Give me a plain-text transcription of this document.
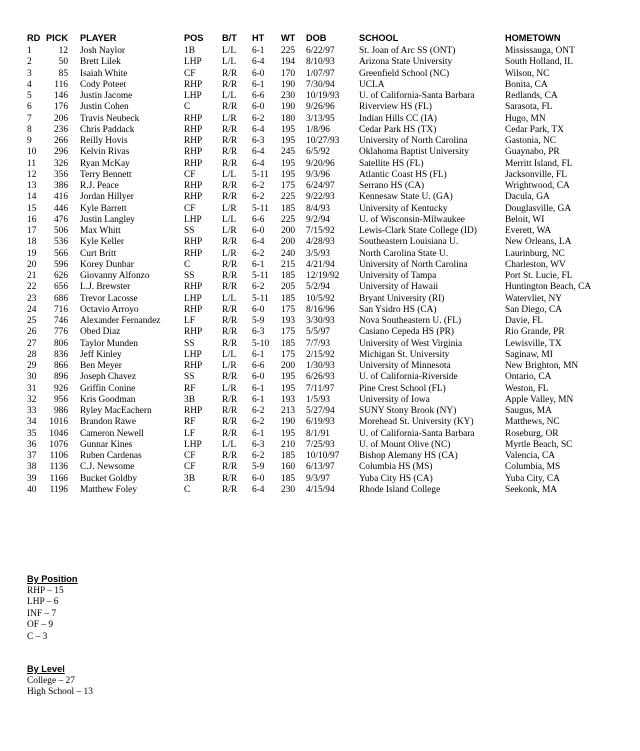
RD	PICK		PLAYER	POS	B/T	HT	WT	DOB	SCHOOL	HOMETOWN
1	12		Josh Naylor	1B	L/L	6-1	225	6/22/97	St. Joan of Arc SS (ONT)	Mississauga, ONT
2	50		Brett Lilek	LHP	L/L	6-4	194	8/10/93	Arizona State University	South Holland, IL
3	85		Isaiah White	CF	R/R	6-0	170	1/07/97	Greenfield School (NC)	Wilson, NC
4	116		Cody Poteet	RHP	R/R	6-1	190	7/30/94	UCLA	Bonita, CA
5	146		Justin Jacome	LHP	L/L	6-6	230	10/19/93	U. of California-Santa Barbara	Redlands, CA
6	176		Justin Cohen	C	R/R	6-0	190	9/26/96	Riverview HS (FL)	Sarasota, FL
7	206		Travis Neubeck	RHP	L/R	6-2	180	3/13/95	Indian Hills CC (IA)	Hugo, MN
8	236		Chris Paddack	RHP	R/R	6-4	195	1/8/96	Cedar Park HS (TX)	Cedar Park, TX
9	266		Reilly Hovis	RHP	R/R	6-3	195	10/27/93	University of North Carolina	Gastonia, NC
10	296		Kelvin Rivas	RHP	R/R	6-4	245	6/5/92	Oklahoma Baptist University	Guaynabo, PR
11	326		Ryan McKay	RHP	R/R	6-4	195	9/20/96	Satellite HS (FL)	Merritt Island, FL
12	356		Terry Bennett	CF	L/L	5-11	195	9/3/96	Atlantic Coast HS (FL)	Jacksonville, FL
13	386		R.J. Peace	RHP	R/R	6-2	175	6/24/97	Serrano HS (CA)	Wrightwood, CA
14	416		Jordan Hillyer	RHP	R/R	6-2	225	9/22/93	Kennesaw State U. (GA)	Dacula, GA
15	446		Kyle Barrett	CF	L/R	5-11	185	8/4/93	University of Kentucky	Douglasville, GA
16	476		Justin Langley	LHP	L/L	6-6	225	9/2/94	U. of Wisconsin-Milwaukee	Beloit, WI
17	506		Max Whitt	SS	L/R	6-0	200	7/15/92	Lewis-Clark State College (ID)	Everett, WA
18	536		Kyle Keller	RHP	R/R	6-4	200	4/28/93	Southeastern Louisiana U.	New Orleans, LA
19	566		Curt Britt	RHP	L/R	6-2	240	3/5/93	North Carolina State U.	Laurinburg, NC
20	596		Korey Dunbar	C	R/R	6-1	215	4/21/94	University of North Carolina	Charleston, WV
21	626		Giovanny Alfonzo	SS	R/R	5-11	185	12/19/92	University of Tampa	Port St. Lucie, FL
22	656		L.J. Brewster	RHP	R/R	6-2	205	5/2/94	University of Hawaii	Huntington Beach, CA
23	686		Trevor Lacosse	LHP	L/L	5-11	185	10/5/92	Bryant University (RI)	Watervliet, NY
24	716		Octavio Arroyo	RHP	R/R	6-0	175	8/16/96	San Ysidro HS (CA)	San Diego, CA
25	746		Alexander Fernandez	LF	R/R	5-9	193	3/30/93	Nova Southeastern U. (FL)	Davie, FL
26	776		Obed Diaz	RHP	R/R	6-3	175	5/5/97	Casiano Cepeda HS (PR)	Rio Grande, PR
27	806		Taylor Munden	SS	R/R	5-10	185	7/7/93	University of West Virginia	Lewisville, TX
28	836		Jeff Kinley	LHP	L/L	6-1	175	2/15/92	Michigan St. University	Saginaw, MI
29	866		Ben Meyer	RHP	L/R	6-6	200	1/30/93	University of Minnesota	New Brighton, MN
30	896		Joseph Chavez	SS	R/R	6-0	195	6/26/93	U. of California-Riverside	Ontario, CA
31	926		Griffin Conine	RF	L/R	6-1	195	7/11/97	Pine Crest School (FL)	Weston, FL
32	956		Kris Goodman	3B	R/R	6-1	193	1/5/93	University of Iowa	Apple Valley, MN
33	986		Ryley MacEachern	RHP	R/R	6-2	213	5/27/94	SUNY Stony Brook (NY)	Saugus, MA
34	1016		Brandon Rawe	RF	R/R	6-2	190	6/19/93	Morehead St. University (KY)	Matthews, NC
35	1046		Cameron Newell	LF	R/R	6-1	195	8/1/91	U. of California-Santa Barbara	Roseburg, OR
36	1076		Gunnar Kines	LHP	L/L	6-3	210	7/25/93	U. of Mount Olive (NC)	Myrtle Beach, SC
37	1106		Ruben Cardenas	CF	R/R	6-2	185	10/10/97	Bishop Alemany HS (CA)	Valencia, CA
38	1136		C.J. Newsome	CF	R/R	5-9	160	6/13/97	Columbia HS (MS)	Columbia, MS
39	1166		Bucket Goldby	3B	R/R	6-0	185	9/3/97	Yuba City HS (CA)	Yuba City, CA
40	1196		Matthew Foley	C	R/R	6-4	230	4/15/94	Rhode Island College	Seekonk, MA
By Position
RHP – 15
LHP – 6
INF – 7
OF – 9
C – 3
By Level
College – 27
High School – 13
